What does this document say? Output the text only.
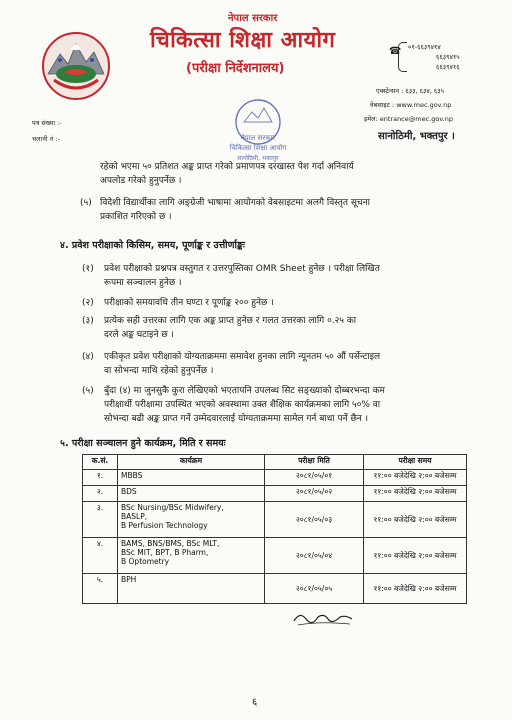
नेपाल सरकार
चिकित्सा शिक्षा आयोग
(परीक्षा निर्देशनालय)
☎ ०१-६६३९४१४
६६३९४१५
६६३९४१६
एक्स्टेन्सन : ६३३, ६३४, ६३५
वेबसाइट : www.mec.gov.np
इमेल: entrance@mec.gov.np
सानोठिमी, भक्तपुर ।
पत्र संख्या :-
चलानी नं :-	नेपाल सरकार
चिकित्सा शिक्षा आयोग
सानोठिमी, भक्तपुर
रहेको भएमा ५० प्रतिशत अङ्क प्राप्त गरेको प्रमाणपत्र दरखास्त पेश गर्दा अनिवार्य
अपलोड गरेको हुनुपर्नेछ ।
(५) विदेशी विद्यार्थीका लागि अङ्ग्रेजी भाषामा आयोगको वेबसाइटमा अलगै विस्तृत सूचना
प्रकाशित गरिएको छ ।
४. प्रवेश परीक्षाको किसिम, समय, पूर्णाङ्क र उत्तीर्णाङ्कः
(१) प्रवेश परीक्षाको प्रश्नपत्र वस्तुगत र उत्तरपुस्तिका OMR Sheet हुनेछ । परीक्षा लिखित
रूपमा सञ्चालन हुनेछ ।
(२) परीक्षाको समयावधि तीन घण्टा र पूर्णाङ्क २०० हुनेछ ।
(३) प्रत्येक सही उत्तरका लागि एक अङ्क प्राप्त हुनेछ र गलत उत्तरका लागि ०.२५ का
दरले अङ्क घटाइने छ ।
(४) एकीकृत प्रवेश परीक्षाको योग्यताक्रममा समावेश हुनका लागि न्यूनतम ५० औं पर्सेन्टाइल
वा सोभन्दा माथि रहेको हुनुपर्नेछ ।
(५) बुँदा (४) मा जुनसुकै कुरा लेखिएको भएतापनि उपलब्ध सिट सङ्ख्याको दोब्बरभन्दा कम
परीक्षार्थी परीक्षामा उपस्थित भएको अवस्थामा उक्त शैक्षिक कार्यक्रमका लागि ५०% वा
सोभन्दा बढी अङ्क प्राप्त गर्ने उम्मेदवारलाई योग्यताक्रममा सामेल गर्न बाधा पर्ने छैन ।
५. परीक्षा सञ्चालन हुने कार्यक्रम, मिति र समयः
क.सं.	कार्यक्रम	परीक्षा मिति	परीक्षा समय
१.	MBBS	२०८१/०५/०१	११:०० बजेदेखि २:०० बजेसम्म
२.	BDS	२०८१/०५/०२	११:०० बजेदेखि २:०० बजेसम्म
३.	BSc Nursing/BSc Midwifery,
BASLP,
B Perfusion Technology	२०८१/०५/०३	११:०० बजेदेखि २:०० बजेसम्म
४.	BAMS, BNS/BMS, BSc MLT,
BSc MIT, BPT, B Pharm,
B Optometry	२०८१/०५/०४	११:०० बजेदेखि २:०० बजेसम्म
५.	BPH	२०८१/०५/०५	११:०० बजेदेखि २:०० बजेसम्म
६
